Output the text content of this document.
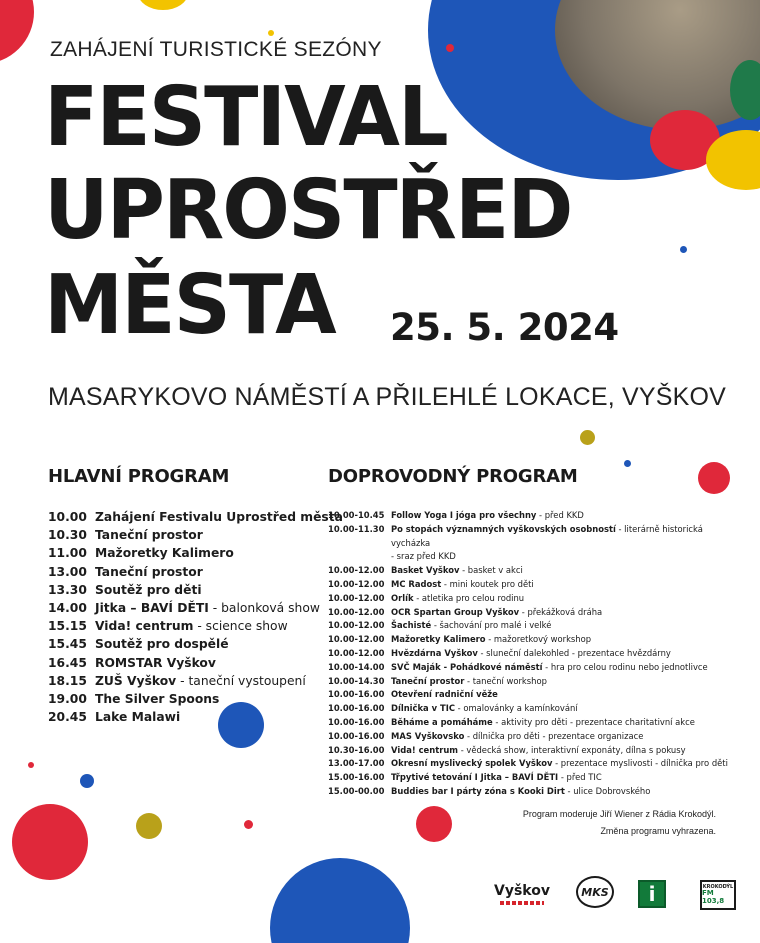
ZAHÁJENÍ TURISTICKÉ SEZÓNY
FESTIVAL
UPROSTŘED
MĚSTA 25. 5. 2024
MASARYKOVO NÁMĚSTÍ A PŘILEHLÉ LOKACE, VYŠKOV
HLAVNÍ PROGRAM
10.00 Zahájení Festivalu Uprostřed města
10.30 Taneční prostor
11.00 Mažoretky Kalimero
13.00 Taneční prostor
13.30 Soutěž pro děti
14.00 Jitka – BAVÍ DĚTI - balonková show
15.15 Vida! centrum - science show
15.45 Soutěž pro dospělé
16.45 ROMSTAR Vyškov
18.15 ZUŠ Vyškov - taneční vystoupení
19.00 The Silver Spoons
20.45 Lake Malawi
DOPROVODNÝ PROGRAM
10.00-10.45 Follow Yoga I jóga pro všechny - před KKD
10.00-11.30 Po stopách významných vyškovských osobností - literárně historická vycházka
- sraz před KKD
10.00-12.00 Basket Vyškov - basket v akci
10.00-12.00 MC Radost - mini koutek pro děti
10.00-12.00 Orlík - atletika pro celou rodinu
10.00-12.00 OCR Spartan Group Vyškov - překážková dráha
10.00-12.00 Šachisté - šachování pro malé i velké
10.00-12.00 Mažoretky Kalimero - mažoretkový workshop
10.00-12.00 Hvězdárna Vyškov - sluneční dalekohled - prezentace hvězdárny
10.00-14.00 SVČ Maják - Pohádkové náměstí - hra pro celou rodinu nebo jednotlivce
10.00-14.30 Taneční prostor - taneční workshop
10.00-16.00 Otevření radniční věže
10.00-16.00 Dílnička v TIC - omalovánky a kamínkování
10.00-16.00 Běháme a pomáháme - aktivity pro děti - prezentace charitativní akce
10.00-16.00 MAS Vyškovsko - dílnička pro děti - prezentace organizace
10.30-16.00 Vida! centrum - vědecká show, interaktivní exponáty, dílna s pokusy
13.00-17.00 Okresní myslivecký spolek Vyškov - prezentace myslivosti - dílnička pro děti
15.00-16.00 Třpytivé tetování I Jitka – BAVÍ DĚTI - před TIC
15.00-00.00 Buddies bar I párty zóna s Kooki Dirt - ulice Dobrovského
Program moderuje Jiří Wiener z Rádia Krokodýl.
Změna programu vyhrazena.
Vyškov	MKS i	KROKODÝL
FM 103,8
